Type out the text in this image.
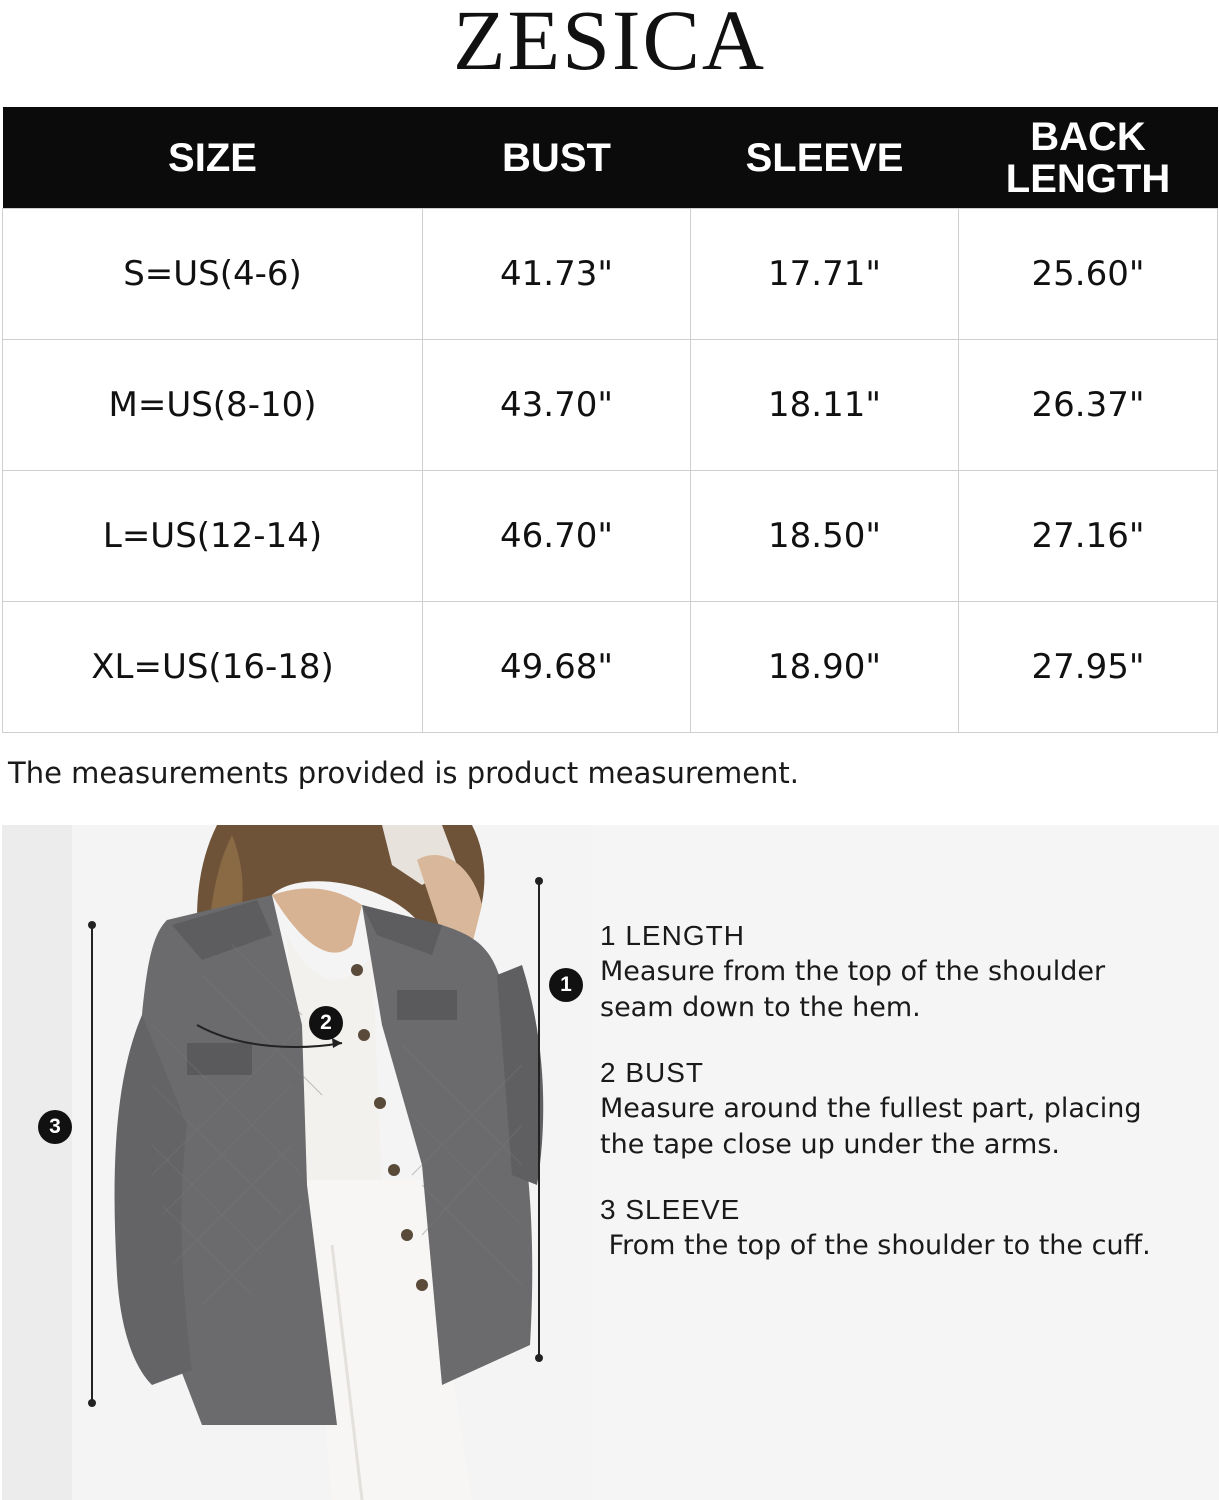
ZESICA
SIZE	BUST	SLEEVE	BACK
LENGTH
S=US(4-6)	41.73"	17.71"	25.60"
M=US(8-10)	43.70"	18.11"	26.37"
L=US(12-14)	46.70"	18.50"	27.16"
XL=US(16-18)	49.68"	18.90"	27.95"
The measurements provided is product measurement.
1
2
3
1 LENGTH
Measure from the top of the shoulder
seam down to the hem.
2 BUST
Measure around the fullest part, placing
the tape close up under the arms.
3 SLEEVE
From the top of the shoulder to the cuff.
